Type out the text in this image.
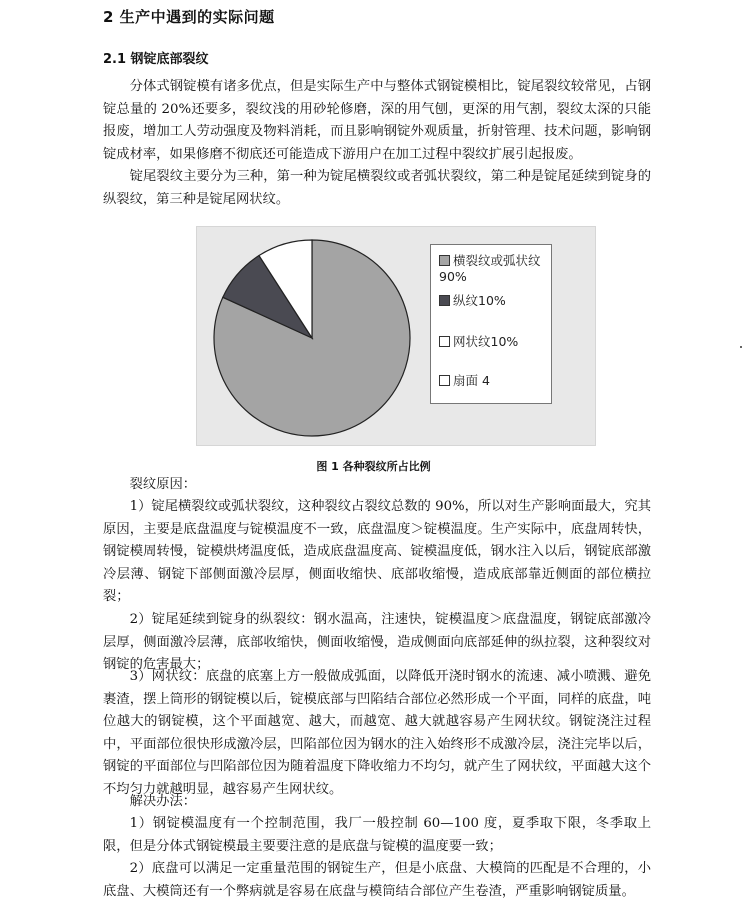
2 生产中遇到的实际问题
2.1 钢锭底部裂纹

分体式钢锭模有诸多优点，但是实际生产中与整体式钢锭模相比，锭尾裂纹较常见，占钢锭总量的 20%还要多，裂纹浅的用砂轮修磨，深的用气刨，更深的用气割，裂纹太深的只能报废，增加工人劳动强度及物料消耗，而且影响钢锭外观质量，折射管理、技术问题，影响钢锭成材率，如果修磨不彻底还可能造成下游用户在加工过程中裂纹扩展引起报废。

锭尾裂纹主要分为三种，第一种为锭尾横裂纹或者弧状裂纹，第二种是锭尾延续到锭身的纵裂纹，第三种是锭尾网状纹。

横裂纹或弧状纹90%
纵纹10%
网状纹10%
扇面 4
图 1 各种裂纹所占比例

裂纹原因：

1）锭尾横裂纹或弧状裂纹，这种裂纹占裂纹总数的 90%，所以对生产影响面最大，究其原因，主要是底盘温度与锭模温度不一致，底盘温度＞锭模温度。生产实际中，底盘周转快，钢锭模周转慢，锭模烘烤温度低，造成底盘温度高、锭模温度低，钢水注入以后，钢锭底部激冷层薄、钢锭下部侧面激冷层厚，侧面收缩快、底部收缩慢，造成底部靠近侧面的部位横拉裂；

2）锭尾延续到锭身的纵裂纹：钢水温高，注速快，锭模温度＞底盘温度，钢锭底部激冷层厚，侧面激冷层薄，底部收缩快，侧面收缩慢，造成侧面向底部延伸的纵拉裂，这种裂纹对钢锭的危害最大；

3）网状纹：底盘的底塞上方一般做成弧面，以降低开浇时钢水的流速、减小喷溅、避免裹渣，摆上筒形的钢锭模以后，锭模底部与凹陷结合部位必然形成一个平面，同样的底盘，吨位越大的钢锭模，这个平面越宽、越大，而越宽、越大就越容易产生网状纹。钢锭浇注过程中，平面部位很快形成激冷层，凹陷部位因为钢水的注入始终形不成激冷层，浇注完毕以后，钢锭的平面部位与凹陷部位因为随着温度下降收缩力不均匀，就产生了网状纹，平面越大这个不均匀力就越明显，越容易产生网状纹。

解决办法：

1）钢锭模温度有一个控制范围，我厂一般控制 60—100 度，夏季取下限，冬季取上限，但是分体式钢锭模最主要要注意的是底盘与锭模的温度要一致；

2）底盘可以满足一定重量范围的钢锭生产，但是小底盘、大模筒的匹配是不合理的，小底盘、大模筒还有一个弊病就是容易在底盘与模筒结合部位产生卷渣，严重影响钢锭质量。
